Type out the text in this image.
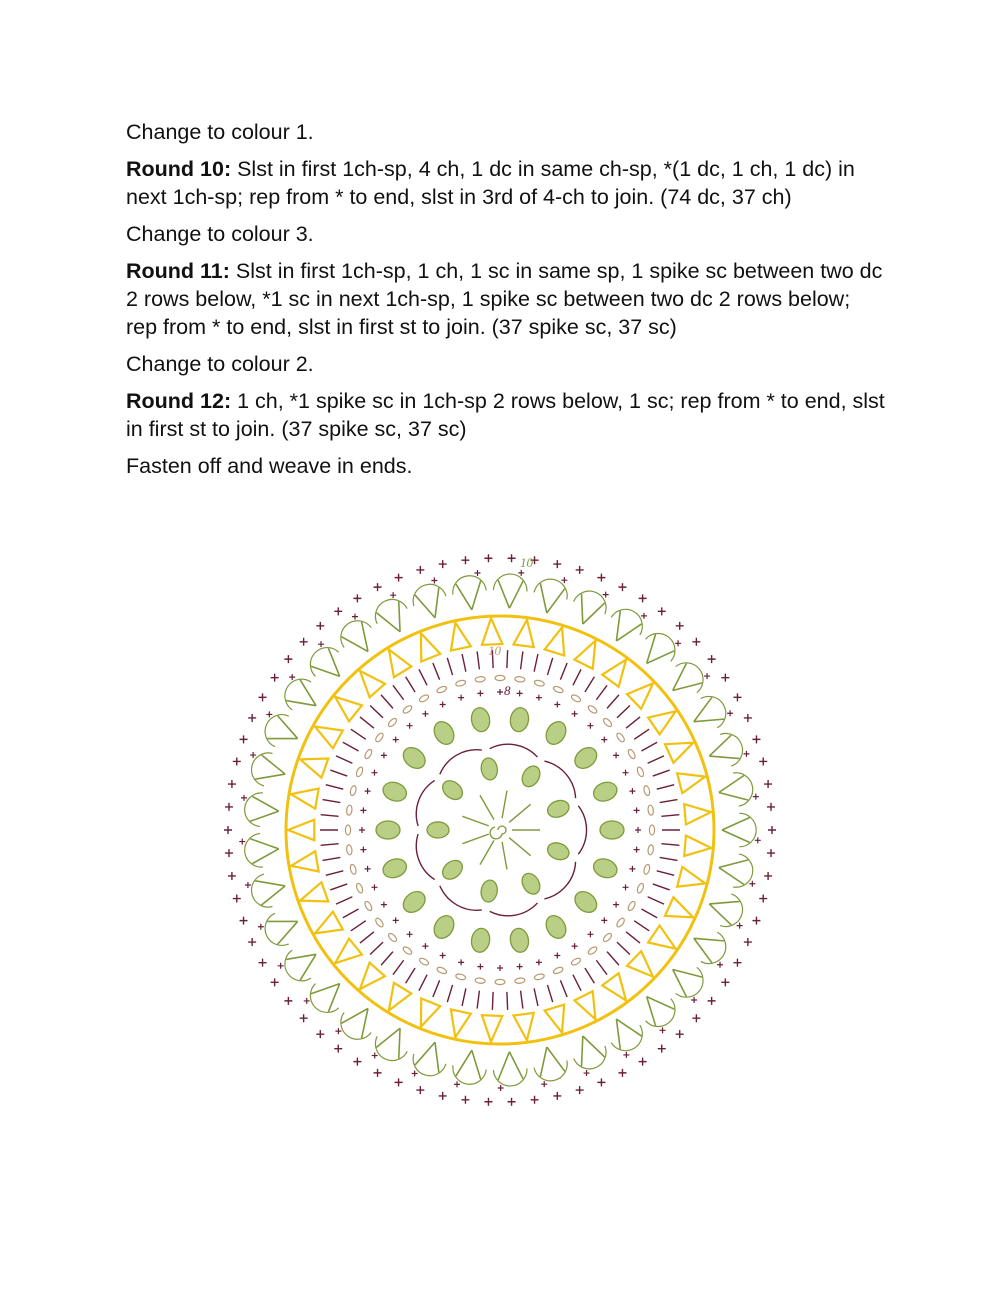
Change to colour 1.

Round 10: Slst in first 1ch-sp, 4 ch, 1 dc in same ch-sp, *(1 dc, 1 ch, 1 dc) in next 1ch-sp; rep from * to end, slst in 3rd of 4-ch to join. (74 dc, 37 ch)

Change to colour 3.

Round 11: Slst in first 1ch-sp, 1 ch, 1 sc in same sp, 1 spike sc between two dc 2 rows below, *1 sc in next 1ch-sp, 1 spike sc between two dc 2 rows below; rep from * to end, slst in first st to join. (37 spike sc, 37 sc)

Change to colour 2.

Round 12: 1 ch, *1 spike sc in 1ch-sp 2 rows below, 1 sc; rep from * to end, slst in first st to join. (37 spike sc, 37 sc)

Fasten off and weave in ends.

10
8
10
